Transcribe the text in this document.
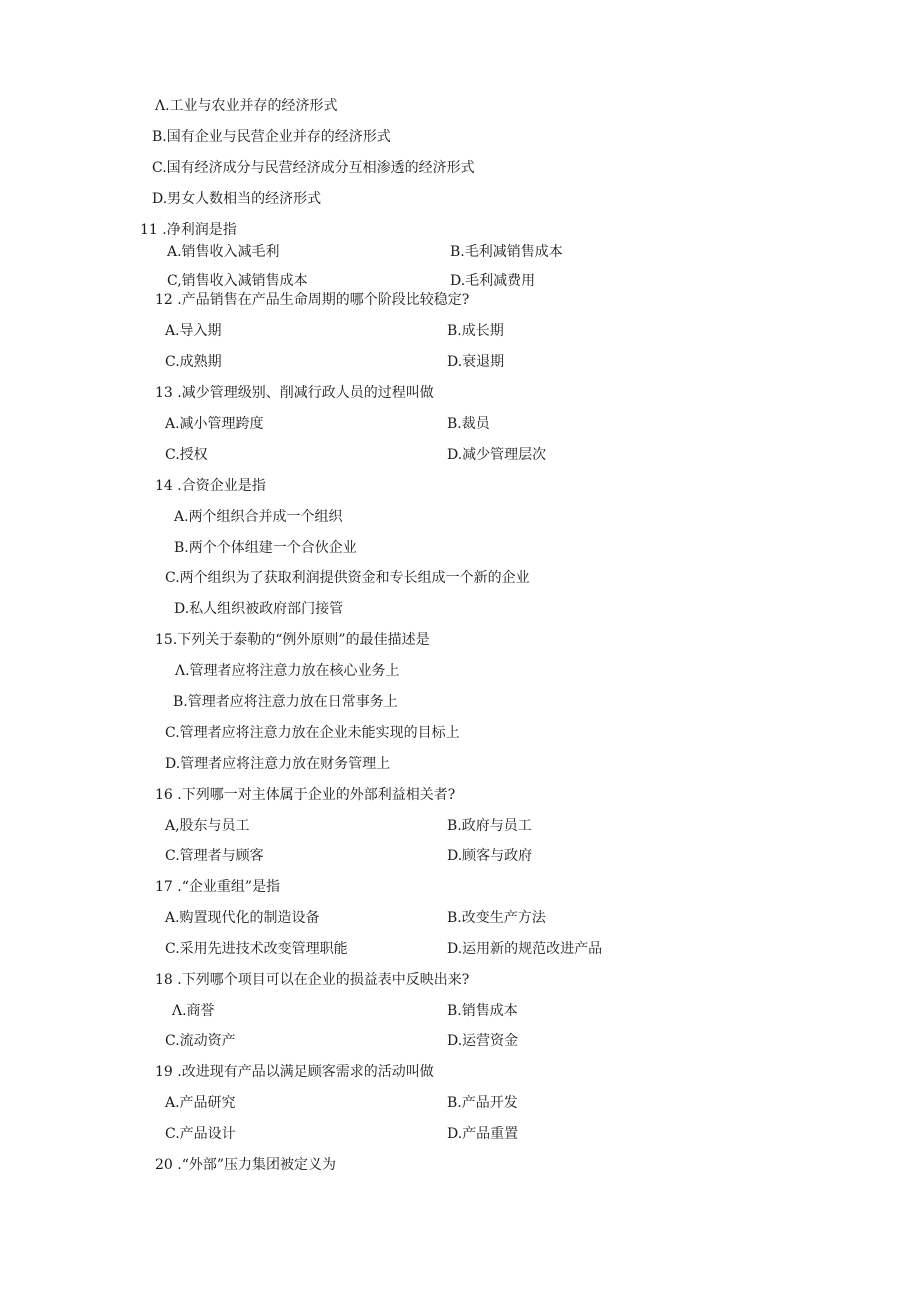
Λ.工业与农业并存的经济形式
B.国有企业与民营企业并存的经济形式
C.国有经济成分与民营经济成分互相渗透的经济形式
D.男女人数相当的经济形式
11 .净利润是指
A.销售收入减毛利	B.毛利减销售成本
C,销售收入减销售成本	D.毛利减费用
12 .产品销售在产品生命周期的哪个阶段比较稳定?
A.导入期	B.成长期
C.成熟期	D.衰退期
13 .减少管理级别、削减行政人员的过程叫做
A.减小管理跨度	B.裁员
C.授权	D.减少管理层次
14 .合资企业是指
A.两个组织合并成一个组织
B.两个个体组建一个合伙企业
C.两个组织为了获取利润提供资金和专长组成一个新的企业
D.私人组织被政府部门接管
15.下列关于泰勒的“例外原则”的最佳描述是
Λ.管理者应将注意力放在核心业务上
B.管理者应将注意力放在日常事务上
C.管理者应将注意力放在企业未能实现的目标上
D.管理者应将注意力放在财务管理上
16 .下列哪一对主体属于企业的外部利益相关者?
A,股东与员工	B.政府与员工
C.管理者与顾客	D.顾客与政府
17 .“企业重组”是指
A.购置现代化的制造设备	B.改变生产方法
C.采用先进技术改变管理职能	D.运用新的规范改进产品
18 .下列哪个项目可以在企业的损益表中反映出来?
Λ.商誉	B.销售成本
C.流动资产	D.运营资金
19 .改进现有产品以满足顾客需求的活动叫做
A.产品研究	B.产品开发
C.产品设计	D.产品重置
20 .“外部”压力集团被定义为
